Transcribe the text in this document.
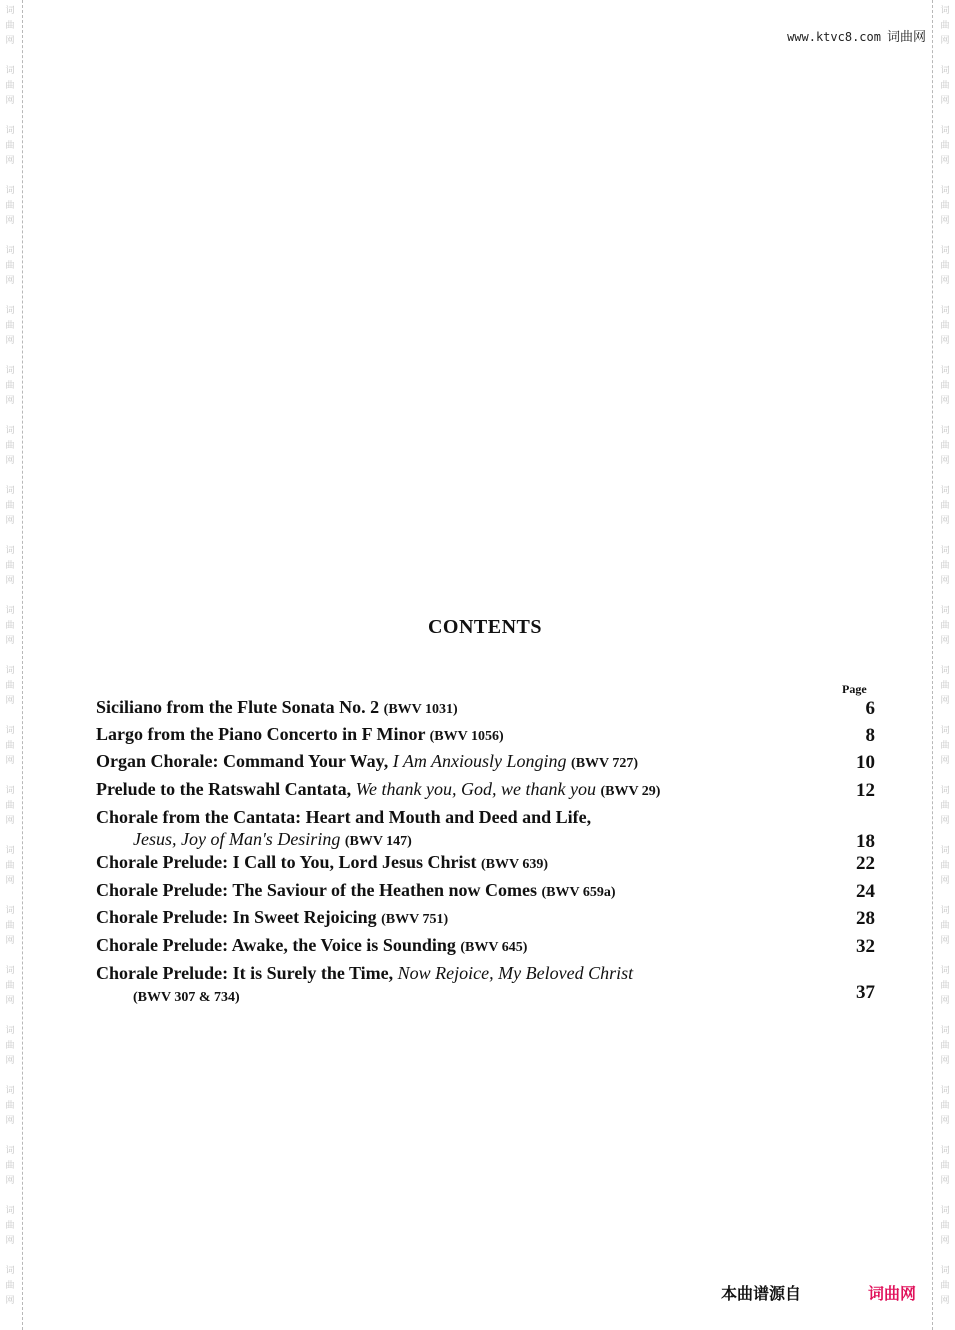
词
曲
网
词
曲
网
词
曲
网
词
曲
网
词
曲
网
词
曲
网
词
曲
网
词
曲
网
词
曲
网
词
曲
网
词
曲
网
词
曲
网
词
曲
网
词
曲
网
词
曲
网
词
曲
网
词
曲
网
词
曲
网
词
曲
网
词
曲
网
词
曲
网
词
曲
网
词
曲
网
词
曲
网
词
曲
网
词
曲
网
词
曲
网
词
曲
网
词
曲
网
词
曲
网
词
曲
网
词
曲
网
词
曲
网
词
曲
网
词
曲
网
词
曲
网
词
曲
网
词
曲
网
词
曲
网
词
曲
网
词
曲
网
词
曲
网
词
曲
网
词
曲
网
www.ktvc8.com 词曲网
CONTENTS
Page
Siciliano from the Flute Sonata No. 2 (BWV 1031)	6
Largo from the Piano Concerto in F Minor (BWV 1056)	8
Organ Chorale: Command Your Way, I Am Anxiously Longing (BWV 727)	10
Prelude to the Ratswahl Cantata, We thank you, God, we thank you (BWV 29)	12
Chorale from the Cantata: Heart and Mouth and Deed and Life,
Jesus, Joy of Man's Desiring (BWV 147)	18
Chorale Prelude: I Call to You, Lord Jesus Christ (BWV 639)	22
Chorale Prelude: The Saviour of the Heathen now Comes (BWV 659a)	24
Chorale Prelude: In Sweet Rejoicing (BWV 751)	28
Chorale Prelude: Awake, the Voice is Sounding (BWV 645)	32
Chorale Prelude: It is Surely the Time, Now Rejoice, My Beloved Christ
(BWV 307 & 734)	37
本曲谱源自	词曲网
